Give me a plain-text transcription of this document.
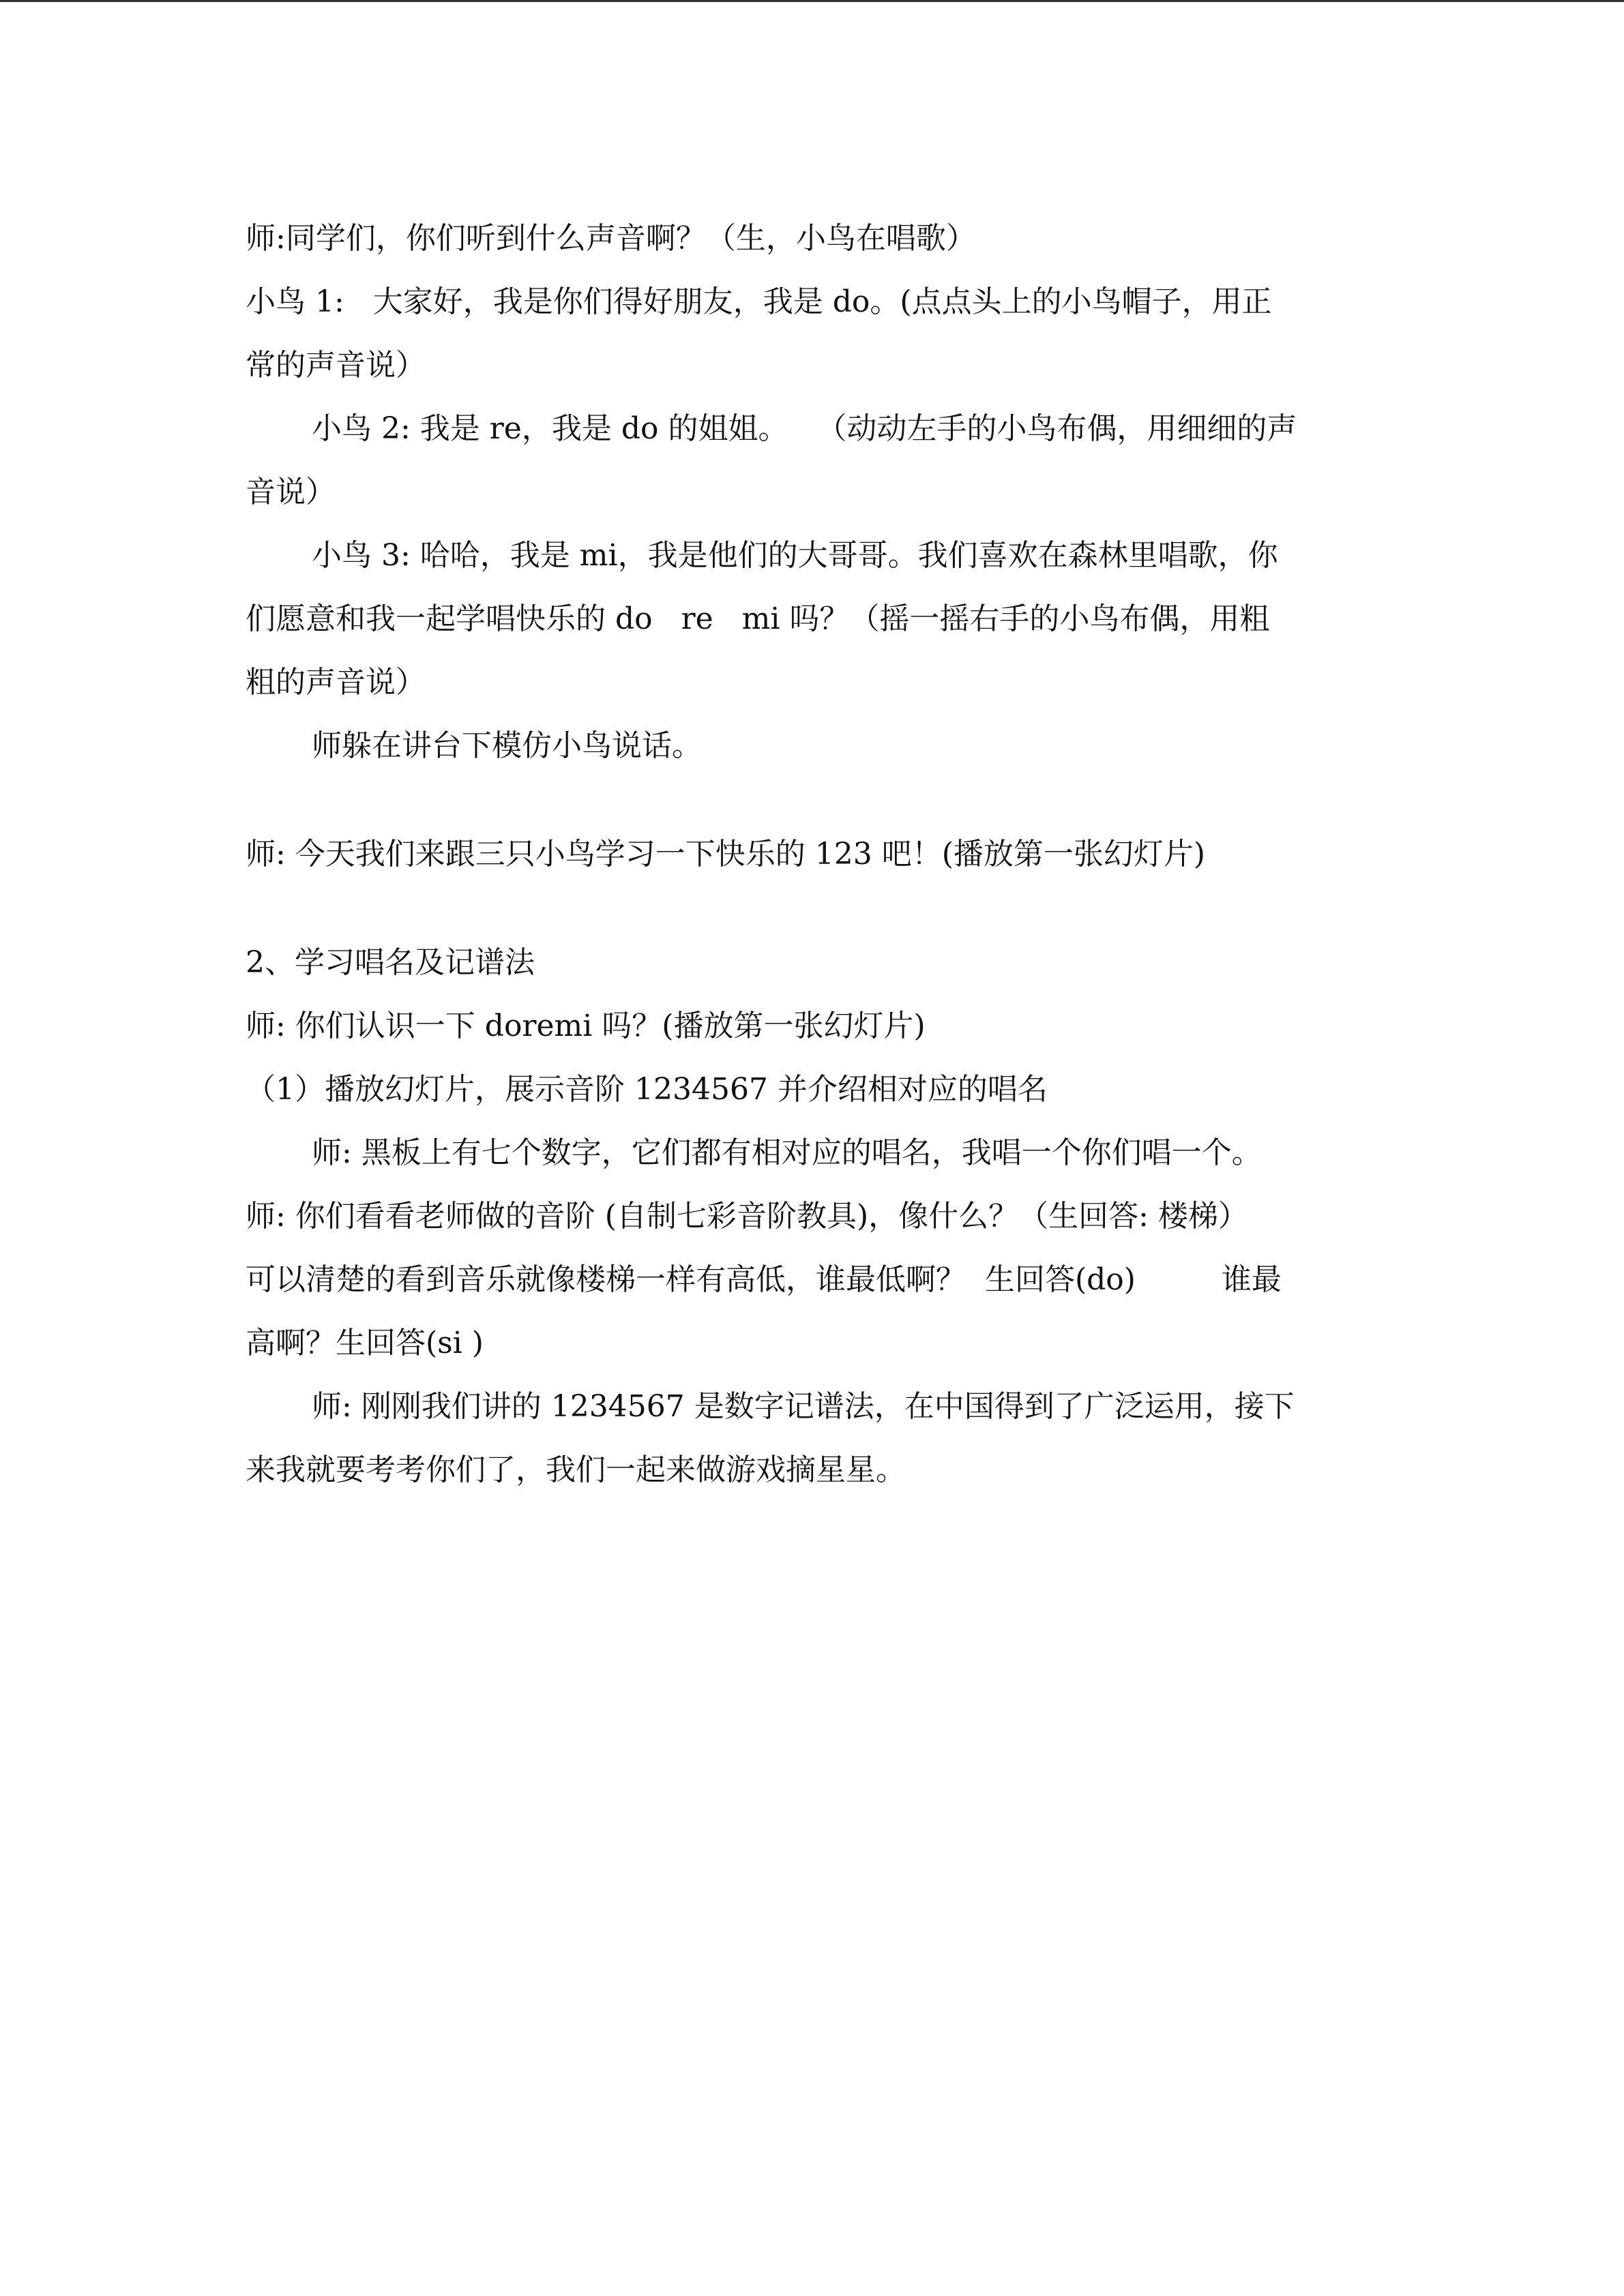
师:同学们，你们听到什么声音啊？（生，小鸟在唱歌）
小鸟 1:   大家好，我是你们得好朋友，我是 do。(点点头上的小鸟帽子，用正
常的声音说）
小鸟 2: 我是 re，我是 do 的姐姐。   （动动左手的小鸟布偶，用细细的声
音说）
小鸟 3: 哈哈，我是 mi，我是他们的大哥哥。我们喜欢在森林里唱歌，你
们愿意和我一起学唱快乐的 do   re   mi 吗？（摇一摇右手的小鸟布偶，用粗
粗的声音说）
师躲在讲台下模仿小鸟说话。
师: 今天我们来跟三只小鸟学习一下快乐的 123 吧！(播放第一张幻灯片)
2、学习唱名及记谱法
师: 你们认识一下 doremi 吗？(播放第一张幻灯片)
（1）播放幻灯片，展示音阶 1234567 并介绍相对应的唱名
师: 黑板上有七个数字，它们都有相对应的唱名，我唱一个你们唱一个。
师: 你们看看老师做的音阶 (自制七彩音阶教具)，像什么？（生回答: 楼梯）
可以清楚的看到音乐就像楼梯一样有高低，谁最低啊？  生回答(do)         谁最
高啊？生回答(si )
师: 刚刚我们讲的 1234567 是数字记谱法，在中国得到了广泛运用，接下
来我就要考考你们了，我们一起来做游戏摘星星。
